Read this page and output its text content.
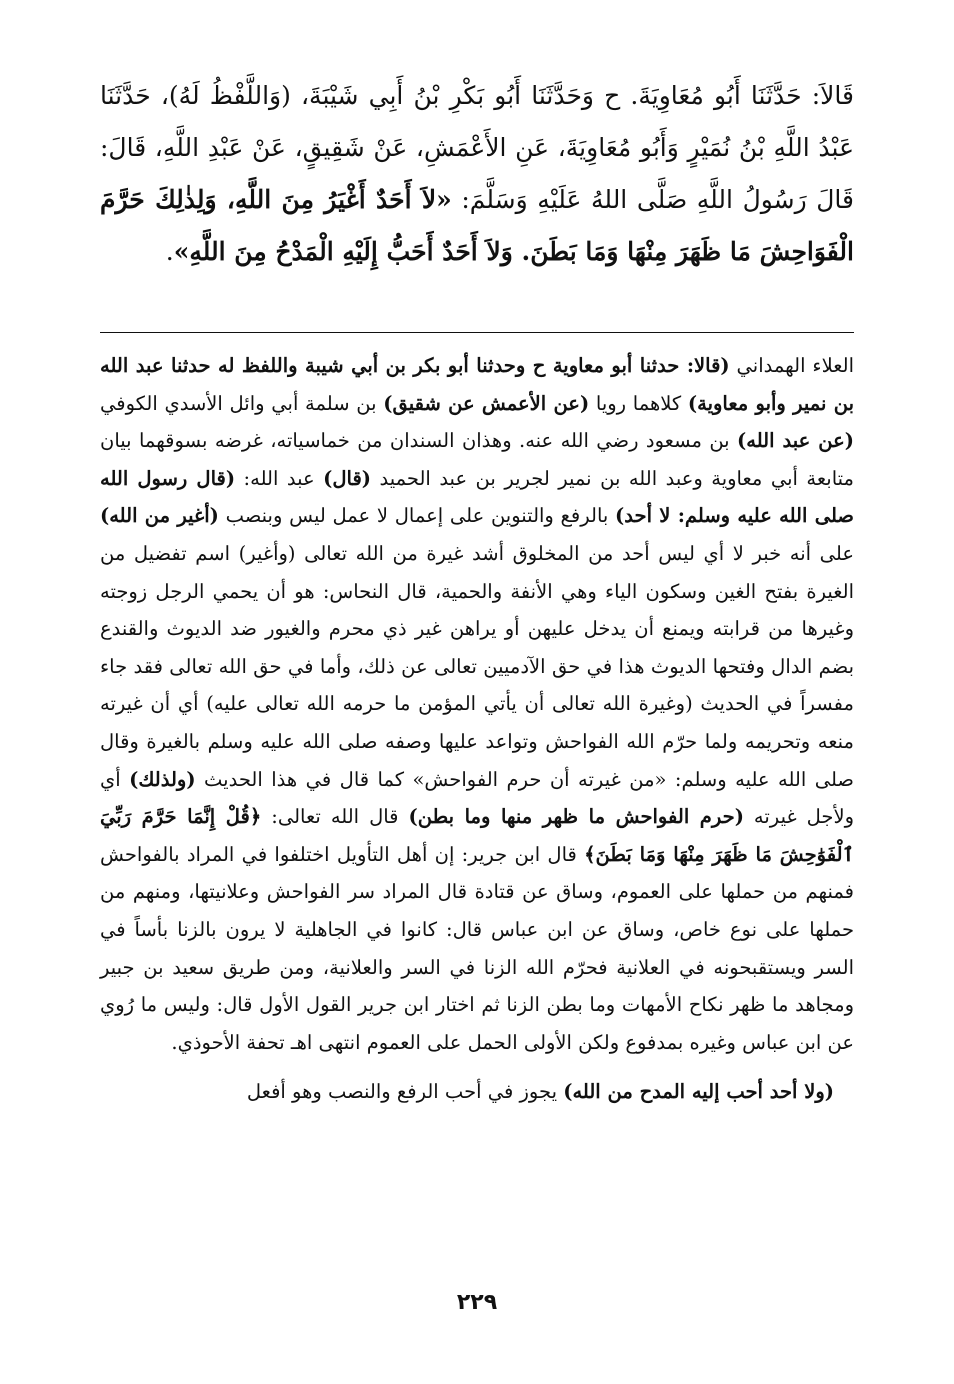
قَالاَ: حَدَّثَنَا أَبُو مُعَاوِيَةَ. ح وَحَدَّثَنَا أَبُو بَكْرِ بْنُ أَبِي شَيْبَةَ، (وَاللَّفْظُ لَهُ)، حَدَّثَنَا عَبْدُ اللَّهِ بْنُ نُمَيْرٍ وَأَبُو مُعَاوِيَةَ، عَنِ الأَعْمَشِ، عَنْ شَقِيقٍ، عَنْ عَبْدِ اللَّهِ، قَالَ: قَالَ رَسُولُ اللَّهِ صَلَّى اللهُ عَلَيْهِ وَسَلَّمَ: «لاَ أَحَدٌ أَغْيَرُ مِنَ اللَّهِ، وَلِذٰلِكَ حَرَّمَ الْفَوَاحِشَ مَا ظَهَرَ مِنْهَا وَمَا بَطَنَ. وَلاَ أَحَدٌ أَحَبُّ إِلَيْهِ الْمَدْحُ مِنَ اللَّهِ».

العلاء الهمداني (قالا: حدثنا أبو معاوية ح وحدثنا أبو بكر بن أبي شيبة واللفظ له حدثنا عبد الله بن نمير وأبو معاوية) كلاهما رويا (عن الأعمش عن شقيق) بن سلمة أبي وائل الأسدي الكوفي (عن عبد الله) بن مسعود رضي الله عنه. وهذان السندان من خماسياته، غرضه بسوقهما بيان متابعة أبي معاوية وعبد الله بن نمير لجرير بن عبد الحميد (قال) عبد الله: (قال رسول الله صلى الله عليه وسلم: لا أحد) بالرفع والتنوين على إعمال لا عمل ليس وبنصب (أغير من الله) على أنه خبر لا أي ليس أحد من المخلوق أشد غيرة من الله تعالى (وأغير) اسم تفضيل من الغيرة بفتح الغين وسكون الياء وهي الأنفة والحمية، قال النحاس: هو أن يحمي الرجل زوجته وغيرها من قرابته ويمنع أن يدخل عليهن أو يراهن غير ذي محرم والغيور ضد الديوث والقندع بضم الدال وفتحها الديوث هذا في حق الآدميين تعالى عن ذلك، وأما في حق الله تعالى فقد جاء مفسراً في الحديث (وغيرة الله تعالى أن يأتي المؤمن ما حرمه الله تعالى عليه) أي أن غيرته منعه وتحريمه ولما حرّم الله الفواحش وتواعد عليها وصفه صلى الله عليه وسلم بالغيرة وقال صلى الله عليه وسلم: «من غيرته أن حرم الفواحش» كما قال في هذا الحديث (ولذلك) أي ولأجل غيرته (حرم الفواحش ما ظهر منها وما بطن) قال الله تعالى: ﴿قُلْ إِنَّمَا حَرَّمَ رَبِّيَ ٱلْفَوَٰحِشَ مَا ظَهَرَ مِنْهَا وَمَا بَطَنَ﴾ قال ابن جرير: إن أهل التأويل اختلفوا في المراد بالفواحش فمنهم من حملها على العموم، وساق عن قتادة قال المراد سر الفواحش وعلانيتها، ومنهم من حملها على نوع خاص، وساق عن ابن عباس قال: كانوا في الجاهلية لا يرون بالزنا بأساً في السر ويستقبحونه في العلانية فحرّم الله الزنا في السر والعلانية، ومن طريق سعيد بن جبير ومجاهد ما ظهر نكاح الأمهات وما بطن الزنا ثم اختار ابن جرير القول الأول قال: وليس ما رُوي عن ابن عباس وغيره بمدفوع ولكن الأولى الحمل على العموم انتهى اهـ تحفة الأحوذي.

(ولا أحد أحب إليه المدح من الله) يجوز في أحب الرفع والنصب وهو أفعل

٢٢٩
